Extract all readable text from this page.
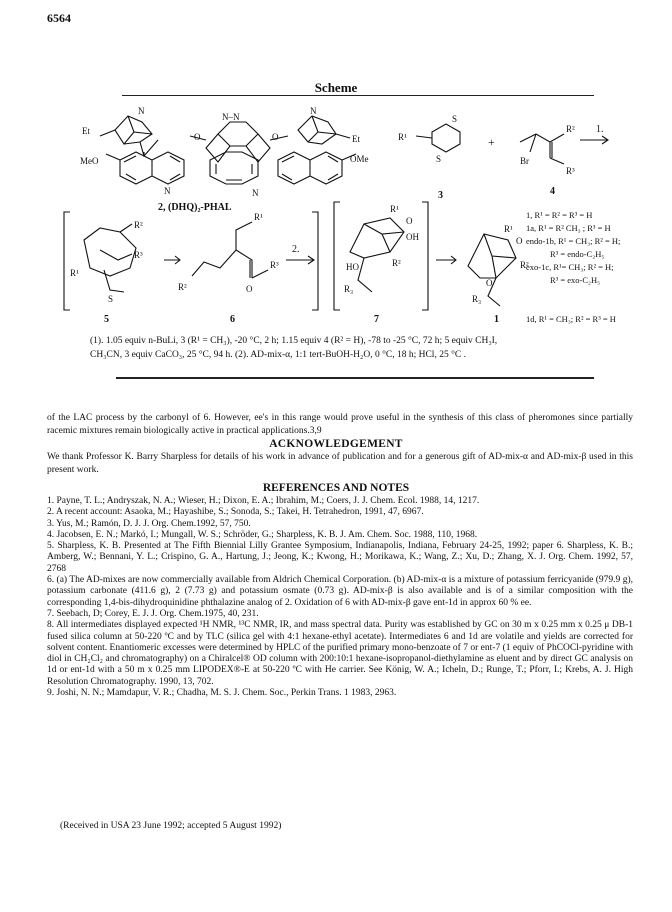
6564
Scheme
Et
MeO
N
N–N
O	O
N
Et
OMe
N	N
2, (DHQ)₂-PHAL
R¹
S
S
3
+
R²
Br
R³
4
1.
R²
R³
R¹
S
5
R¹
O
R²
R³
6
2.
R¹
O
OH
HO	R²
R₃
7
R¹
O
R²
O
R₃
1
1, R¹ = R² = R³ = H
1a, R¹ = R² CH₃ ; R³ = H
endo-1b, R¹ = CH₃; R² = H;
R³ = endo-C₂H₅
exo-1c, R¹= CH₃; R² = H;
R³ = exo-C₂H₅
1d, R¹ = CH₃; R² = R³ = H
(1). 1.05 equiv n-BuLi, 3 (R¹ = CH₃), -20 °C, 2 h; 1.15 equiv 4 (R² = H), -78 to -25 °C, 72 h; 5 equiv CH₃I,
CH₃CN, 3 equiv CaCO₃, 25 °C, 94 h. (2). AD-mix-α, 1:1 tert-BuOH-H₂O, 0 °C, 18 h; HCl, 25 °C .
of the LAC process by the carbonyl of 6. However, ee's in this range would prove useful in the synthesis of this class of pheromones since partially racemic mixtures remain biologically active in practical applications.3,9
ACKNOWLEDGEMENT
We thank Professor K. Barry Sharpless for details of his work in advance of publication and for a generous gift of AD-mix-α and AD-mix-β used in this present work.
REFERENCES AND NOTES

1. Payne, T. L.; Andryszak, N. A.; Wieser, H.; Dixon, E. A.; Ibrahim, M.; Coers, J. J. Chem. Ecol. 1988, 14, 1217.

2. A recent account: Asaoka, M.; Hayashibe, S.; Sonoda, S.; Takei, H. Tetrahedron, 1991, 47, 6967.

3. Yus, M.; Ramón, D. J. J. Org. Chem.1992, 57, 750.

4. Jacobsen, E. N.; Markó, I.; Mungall, W. S.; Schröder, G.; Sharpless, K. B. J. Am. Chem. Soc. 1988, 110, 1968.

5. Sharpless, K. B. Presented at The Fifth Biennial Lilly Grantee Symposium, Indianapolis, Indiana, February 24-25, 1992; paper 6. Sharpless, K. B.; Amberg, W.; Bennani, Y. L.; Crispino, G. A., Hartung, J.; Jeong, K.; Kwong, H.; Morikawa, K.; Wang, Z.; Xu, D.; Zhang, X. J. Org. Chem. 1992, 57, 2768

6. (a) The AD-mixes are now commercially available from Aldrich Chemical Corporation. (b) AD-mix-α is a mixture of potassium ferricyanide (979.9 g), potassium carbonate (411.6 g), 2 (7.73 g) and potassium osmate (0.73 g). AD-mix-β is also available and is of a similar composition with the corresponding 1,4-bis-dihydroquinidine phthalazine analog of 2. Oxidation of 6 with AD-mix-β gave ent-1d in approx 60 % ee.

7. Seebach, D; Corey, E. J. J. Org. Chem.1975, 40, 231.

8. All intermediates displayed expected ¹H NMR, ¹³C NMR, IR, and mass spectral data. Purity was established by GC on 30 m x 0.25 mm x 0.25 μ DB-1 fused silica column at 50-220 ºC and by TLC (silica gel with 4:1 hexane-ethyl acetate). Intermediates 6 and 1d are volatile and yields are corrected for solvent content. Enantiomeric excesses were determined by HPLC of the purified primary mono-benzoate of 7 or ent-7 (1 equiv of PhCOCl-pyridine with diol in CH₂Cl₂ and chromatography) on a Chiralcel® OD column with 200:10:1 hexane-isopropanol-diethylamine as eluent and by direct GC analysis on 1d or ent-1d with a 50 m x 0.25 mm LIPODEX®-E at 50-220 ºC with He carrier. See König, W. A.; Icheln, D.; Runge, T.; Pforr, I.; Krebs, A. J. High Resolution Chromatography. 1990, 13, 702.

9. Joshi, N. N.; Mamdapur, V. R.; Chadha, M. S. J. Chem. Soc., Perkin Trans. 1 1983, 2963.

(Received in USA 23 June 1992; accepted 5 August 1992)
